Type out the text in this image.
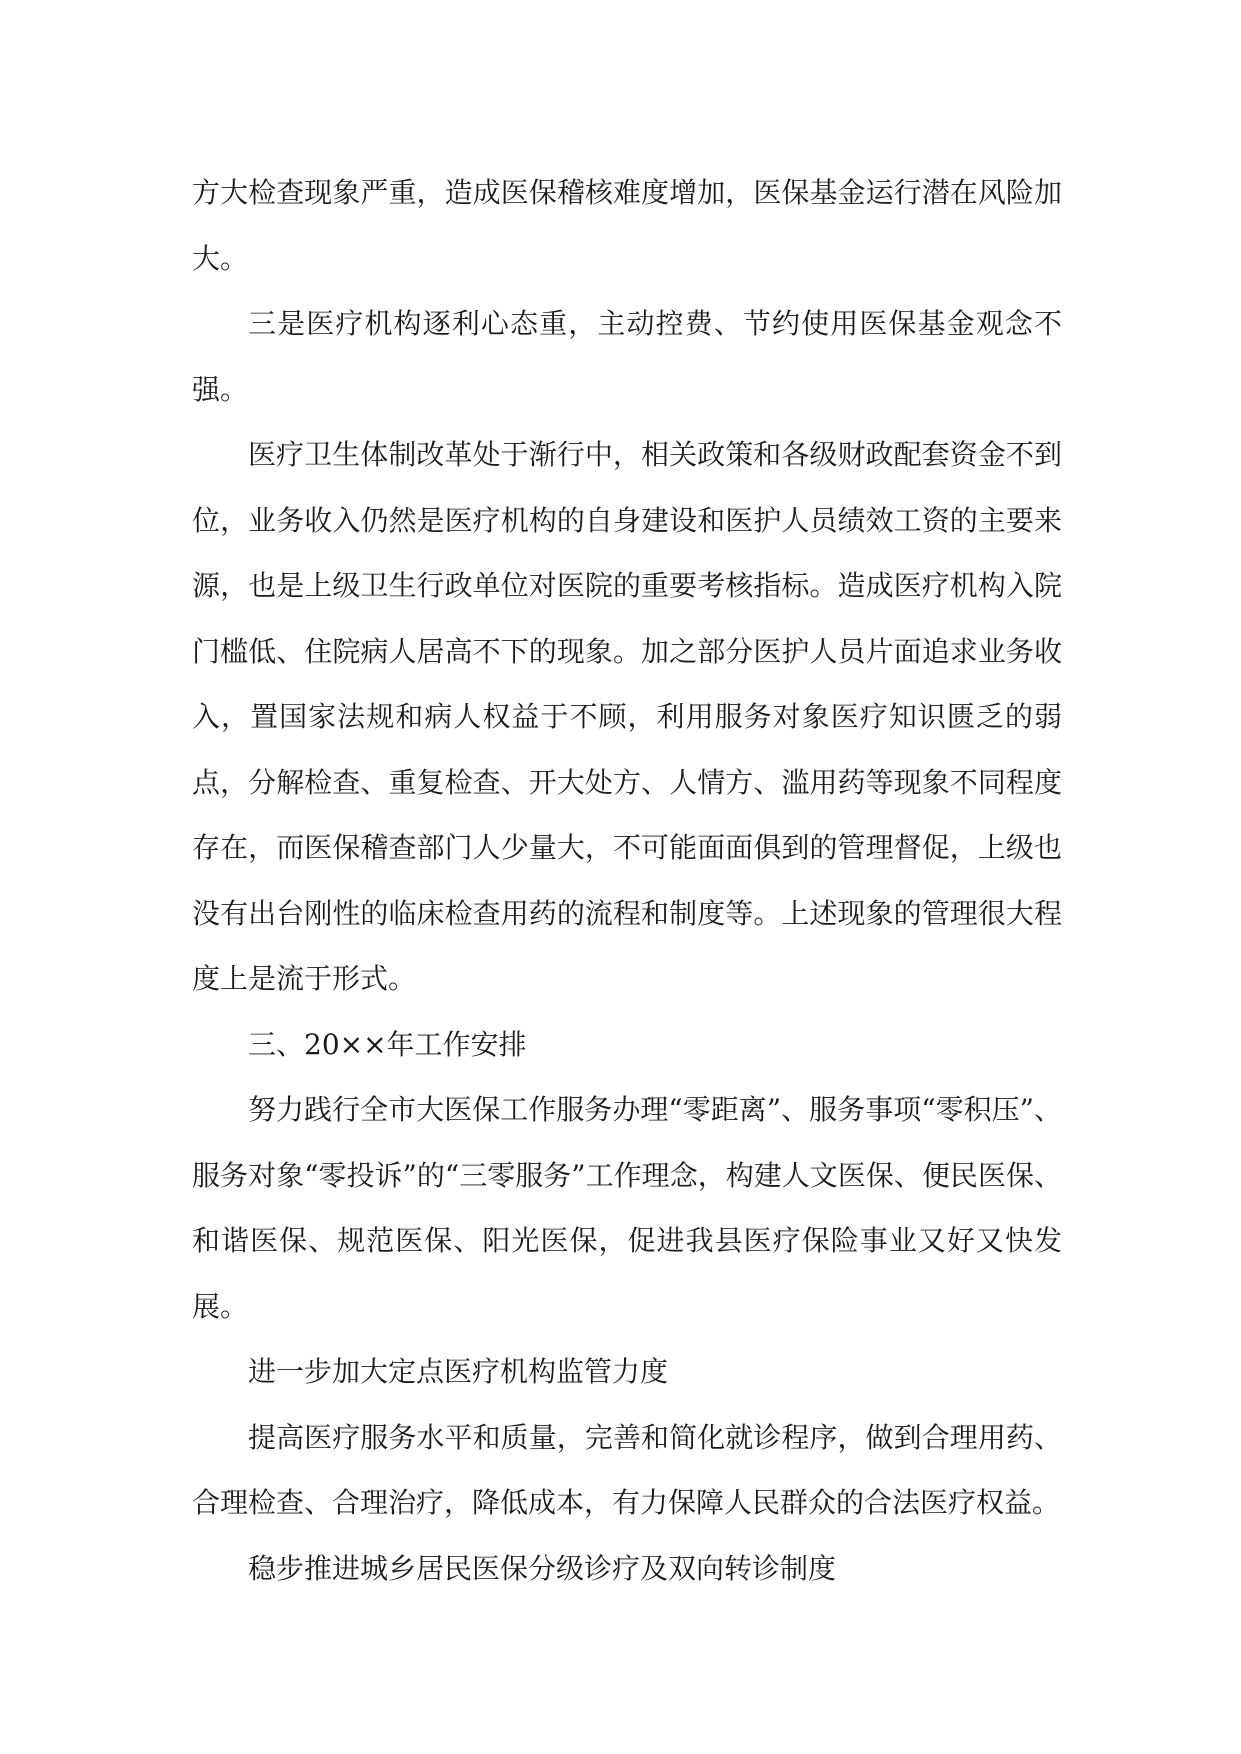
方大检查现象严重，造成医保稽核难度增加，医保基金运行潜在风险加大。

三是医疗机构逐利心态重，主动控费、节约使用医保基金观念不强。

医疗卫生体制改革处于渐行中，相关政策和各级财政配套资金不到位，业务收入仍然是医疗机构的自身建设和医护人员绩效工资的主要来源，也是上级卫生行政单位对医院的重要考核指标。造成医疗机构入院门槛低、住院病人居高不下的现象。加之部分医护人员片面追求业务收入，置国家法规和病人权益于不顾，利用服务对象医疗知识匮乏的弱点，分解检查、重复检查、开大处方、人情方、滥用药等现象不同程度存在，而医保稽查部门人少量大，不可能面面俱到的管理督促，上级也没有出台刚性的临床检查用药的流程和制度等。上述现象的管理很大程度上是流于形式。

三、20××年工作安排

努力践行全市大医保工作服务办理“零距离”、服务事项“零积压”、服务对象“零投诉”的“三零服务”工作理念，构建人文医保、便民医保、和谐医保、规范医保、阳光医保，促进我县医疗保险事业又好又快发展。

进一步加大定点医疗机构监管力度

提高医疗服务水平和质量，完善和简化就诊程序，做到合理用药、合理检查、合理治疗，降低成本，有力保障人民群众的合法医疗权益。

稳步推进城乡居民医保分级诊疗及双向转诊制度
